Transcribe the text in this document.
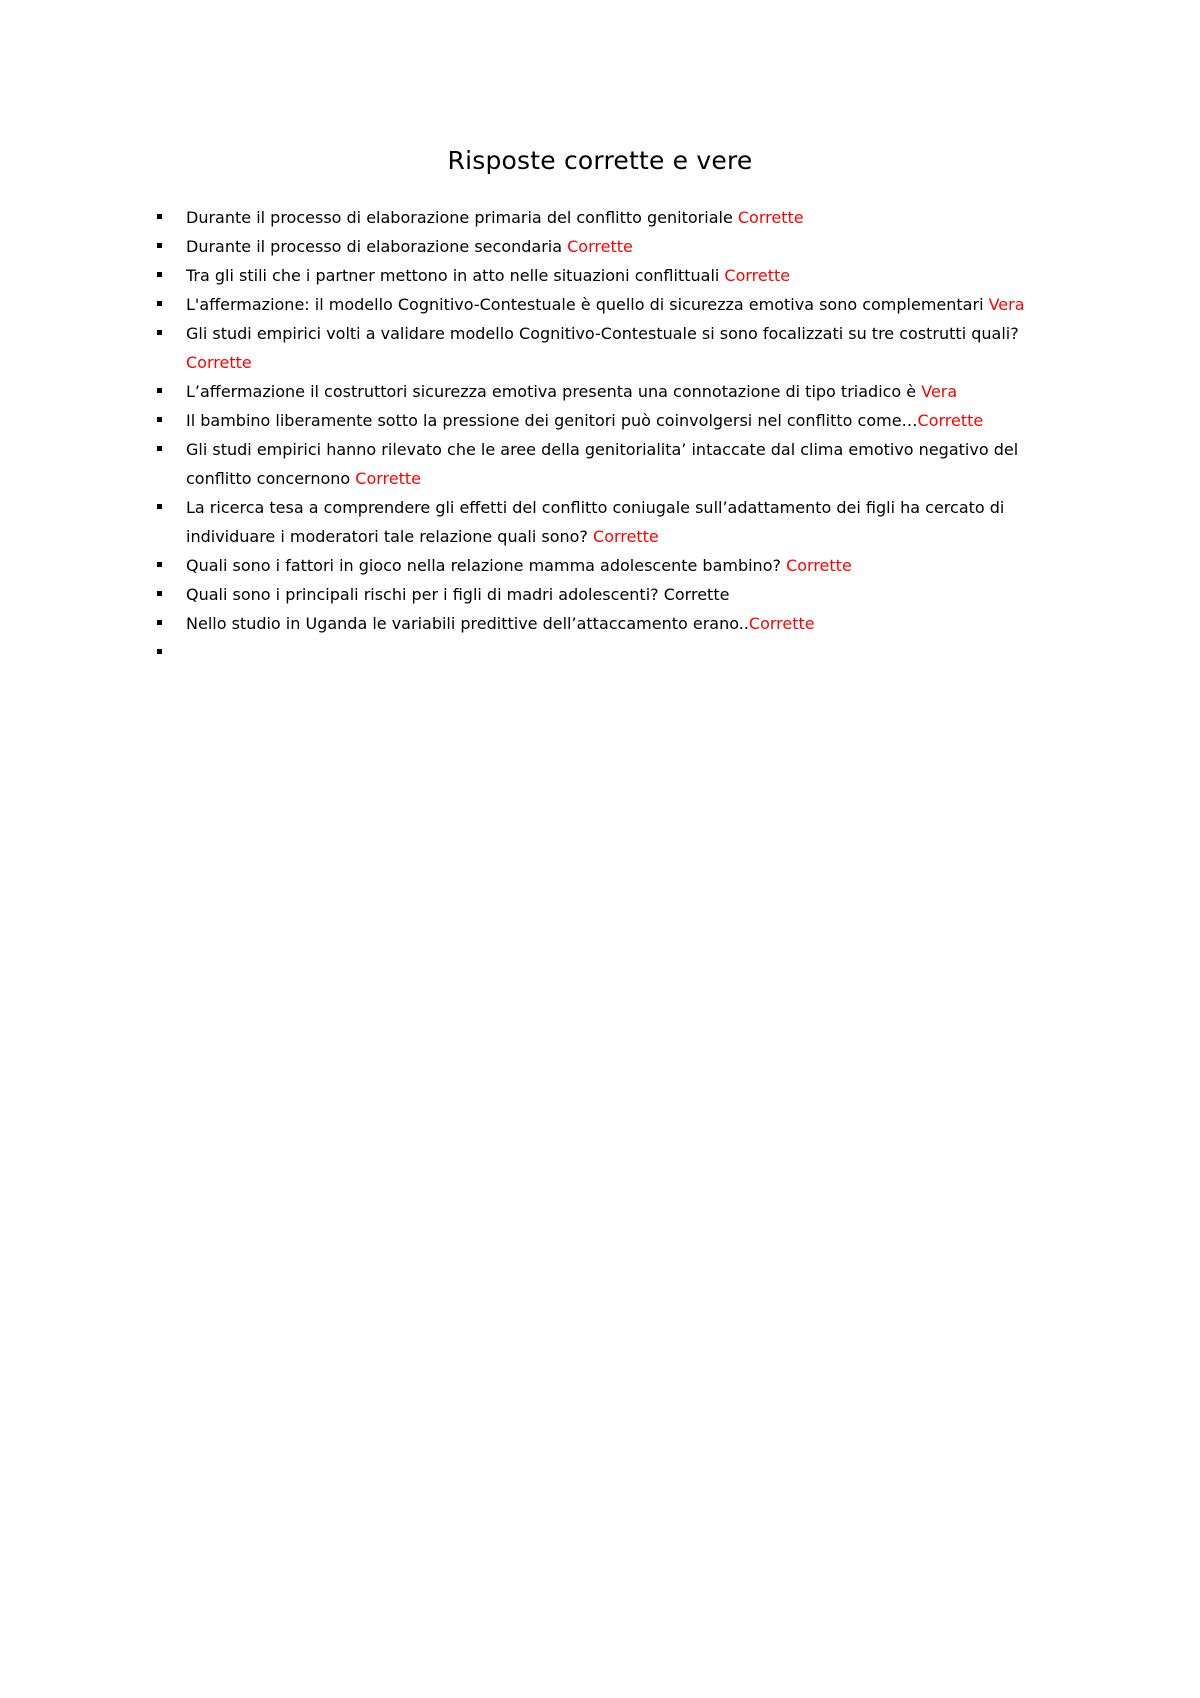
Risposte corrette e vere
Durante il processo di elaborazione primaria del conflitto genitoriale Corrette
Durante il processo di elaborazione secondaria Corrette
Tra gli stili che i partner mettono in atto nelle situazioni conflittuali Corrette
L'affermazione: il modello Cognitivo-Contestuale è quello di sicurezza emotiva sono complementari Vera
Gli studi empirici volti a validare modello Cognitivo-Contestuale si sono focalizzati su tre costrutti quali? Corrette
L’affermazione il costruttori sicurezza emotiva presenta una connotazione di tipo triadico è Vera
Il bambino liberamente sotto la pressione dei genitori può coinvolgersi nel conflitto come…Corrette
Gli studi empirici hanno rilevato che le aree della genitorialita’ intaccate dal clima emotivo negativo del conflitto concernono Corrette
La ricerca tesa a comprendere gli effetti del conflitto coniugale sull’adattamento dei figli ha cercato di individuare i moderatori tale relazione quali sono? Corrette
Quali sono i fattori in gioco nella relazione mamma adolescente bambino? Corrette
Quali sono i principali rischi per i figli di madri adolescenti? Corrette
Nello studio in Uganda le variabili predittive dell’attaccamento erano..Corrette
